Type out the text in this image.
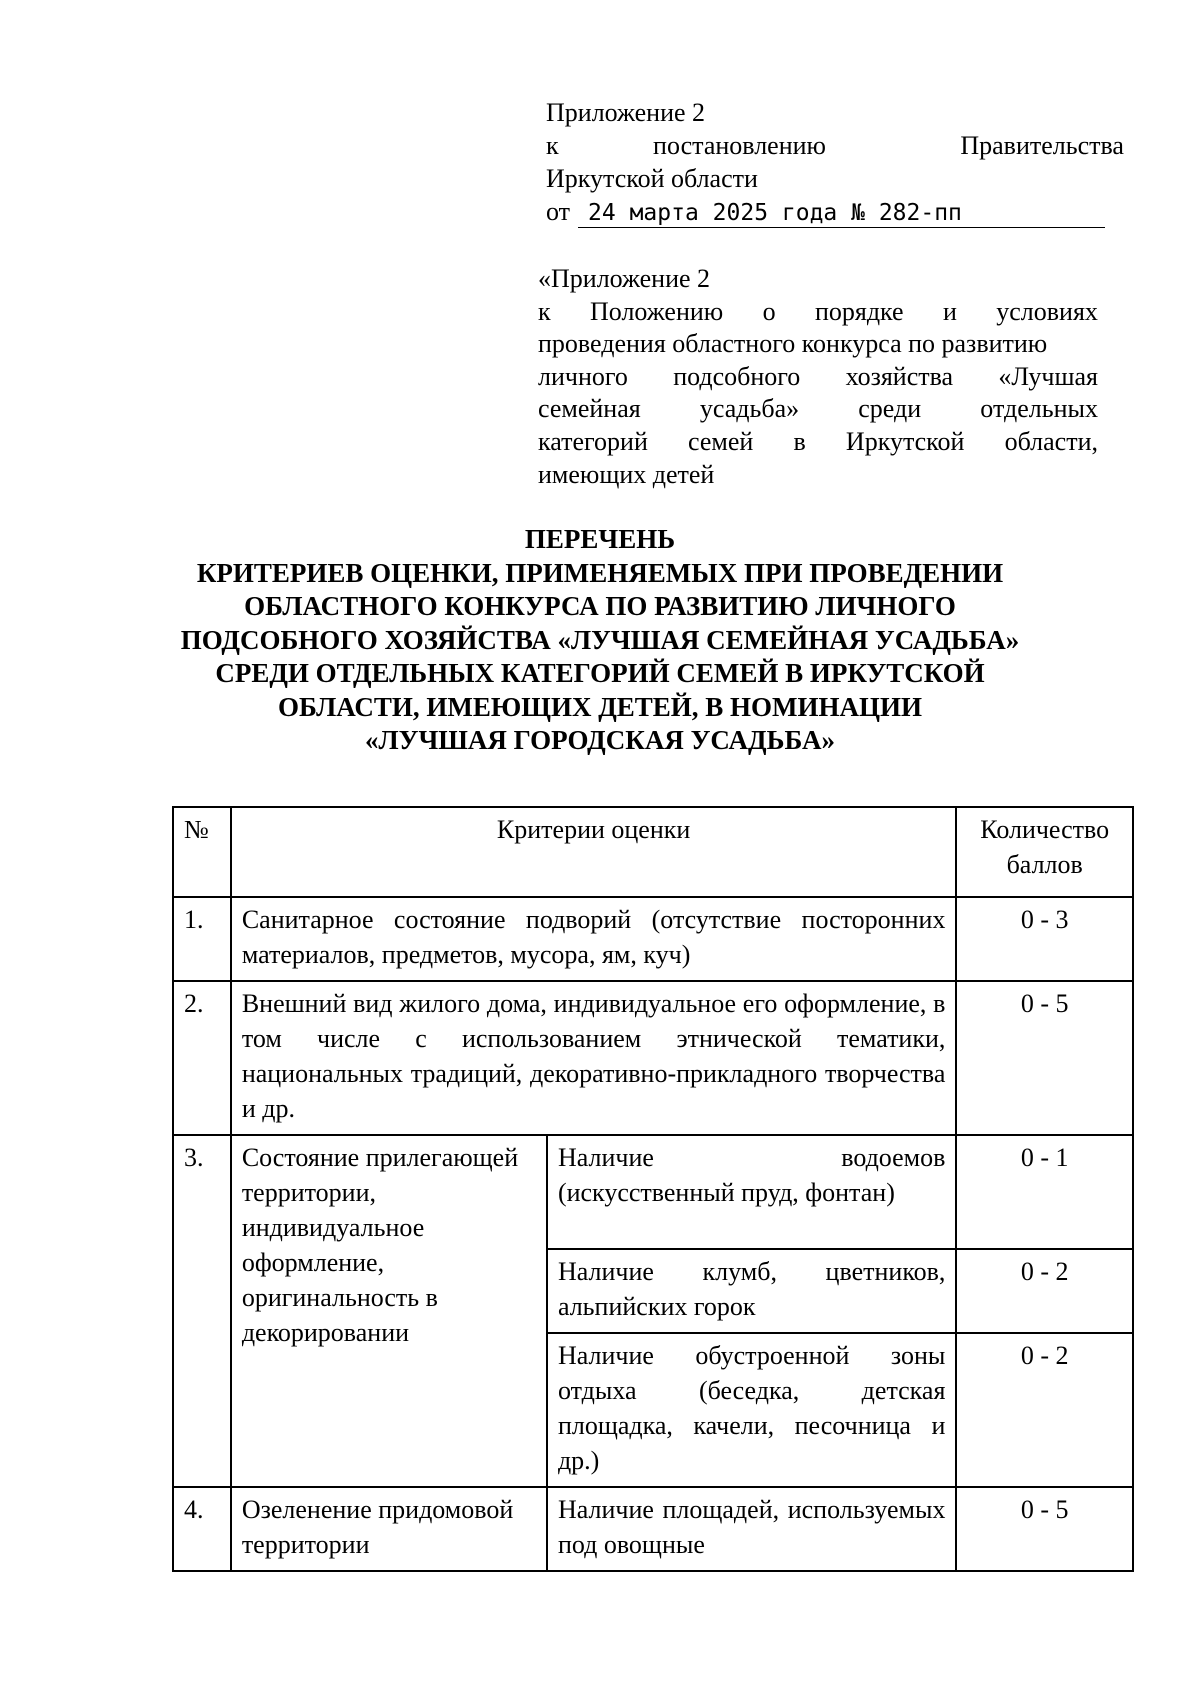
Приложение 2
к	постановлению	Правительства
Иркутской области
от 24 марта 2025 года № 282-пп
«Приложение 2
к Положению о порядке и условиях
проведения областного конкурса по развитию
личного подсобного хозяйства «Лучшая
семейная усадьба» среди отдельных
категорий семей в Иркутской области,
имеющих детей
ПЕРЕЧЕНЬ
КРИТЕРИЕВ ОЦЕНКИ, ПРИМЕНЯЕМЫХ ПРИ ПРОВЕДЕНИИ
ОБЛАСТНОГО КОНКУРСА ПО РАЗВИТИЮ ЛИЧНОГО
ПОДСОБНОГО ХОЗЯЙСТВА «ЛУЧШАЯ СЕМЕЙНАЯ УСАДЬБА»
СРЕДИ ОТДЕЛЬНЫХ КАТЕГОРИЙ СЕМЕЙ В ИРКУТСКОЙ
ОБЛАСТИ, ИМЕЮЩИХ ДЕТЕЙ, В НОМИНАЦИИ
«ЛУЧШАЯ ГОРОДСКАЯ УСАДЬБА»
№	Критерии оценки		Количество баллов
1.	Санитарное состояние подворий (отсутствие посторонних материалов, предметов, мусора, ям, куч)		0 - 3
2.	Внешний вид жилого дома, индивидуальное его оформление, в том числе с использованием этнической тематики, национальных традиций, декоративно-прикладного творчества и др.		0 - 5
3.	Состояние прилегающей территории, индивидуальное оформление, оригинальность в декорировании	Наличие водоемов (искусственный пруд, фонтан)	0 - 1
		Наличие клумб, цветников, альпийских горок	0 - 2
		Наличие обустроенной зоны отдыха (беседка, детская площадка, качели, песочница и др.)	0 - 2
4.	Озеленение придомовой территории	Наличие площадей, используемых под овощные	0 - 5
